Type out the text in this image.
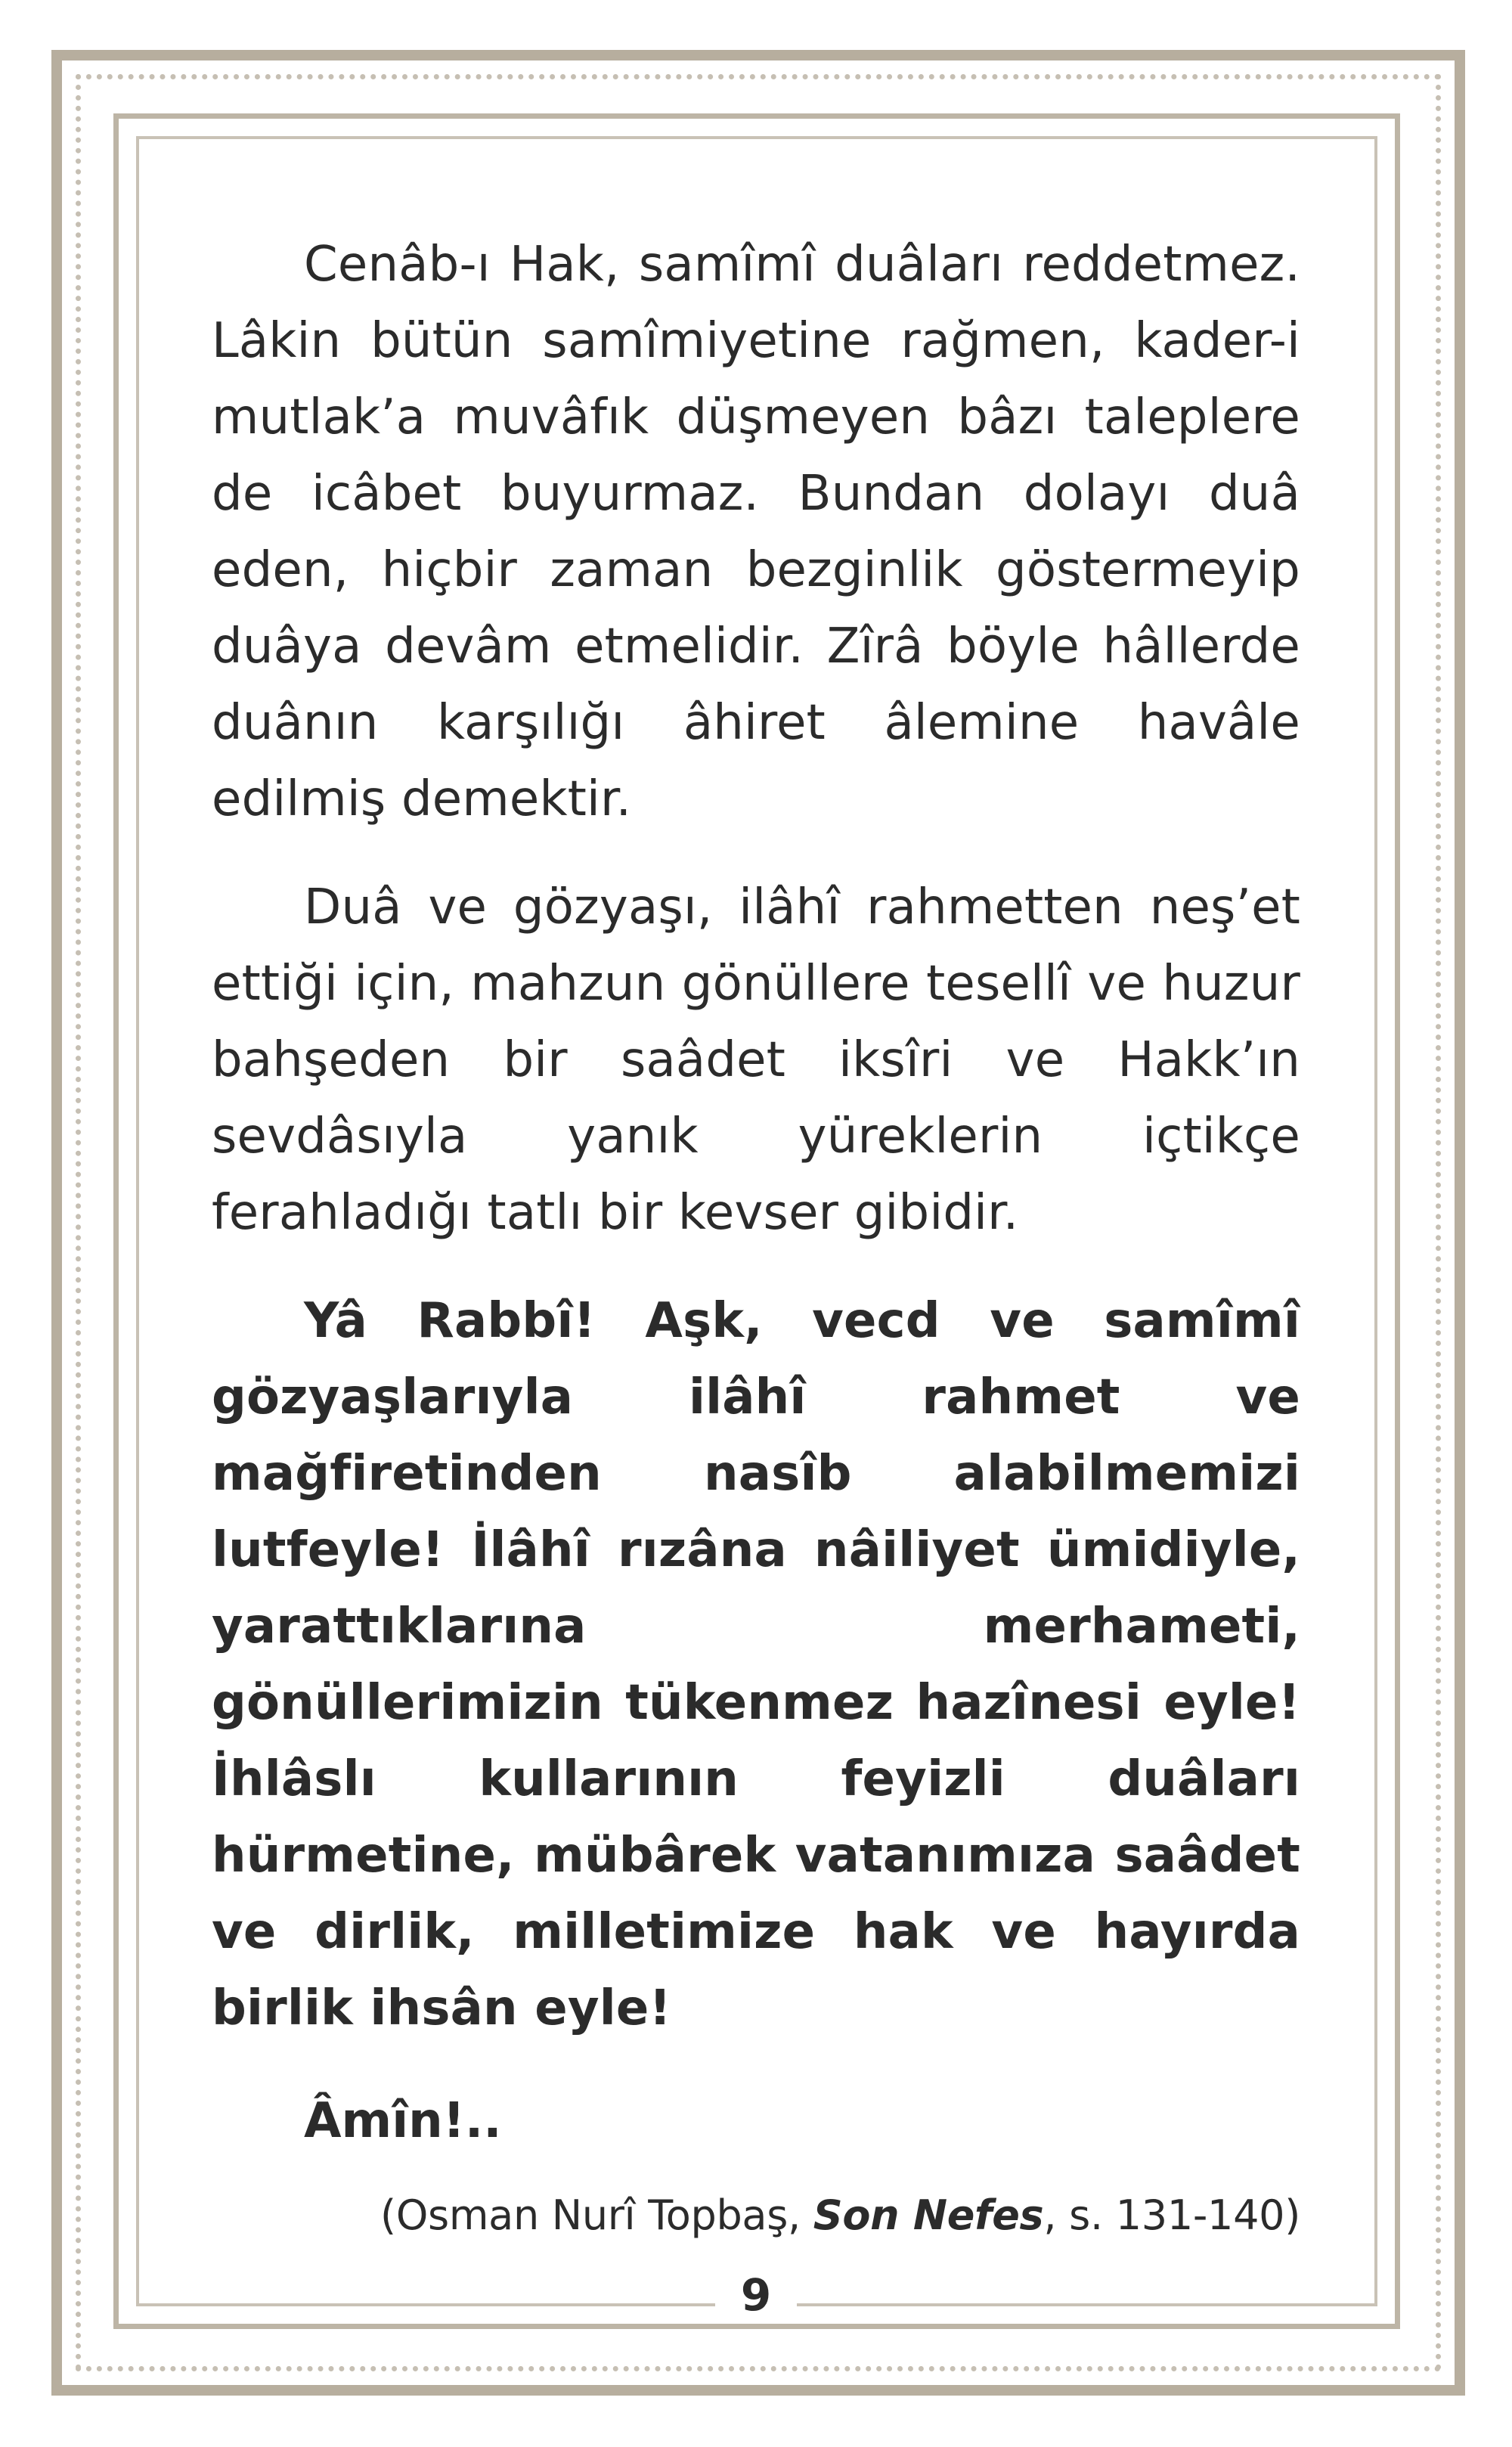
Cenâb-ı Hak, samîmî duâları reddetmez. Lâkin bütün samîmiyetine rağmen, kader-i mutlak’a muvâfık düşmeyen bâzı taleplere de icâbet buyurmaz. Bundan dolayı duâ eden, hiçbir zaman bezginlik göstermeyip duâya devâm etmelidir. Zîrâ böyle hâllerde duânın karşılığı âhiret âlemine havâle edilmiş demektir.

Duâ ve gözyaşı, ilâhî rahmetten neş’et ettiği için, mahzun gönüllere tesellî ve huzur bahşeden bir saâdet iksîri ve Hakk’ın sevdâsıyla yanık yüreklerin içtikçe ferahladığı tatlı bir kevser gibidir.

Yâ Rabbî! Aşk, vecd ve samîmî gözyaşlarıyla ilâhî rahmet ve mağfiretinden nasîb alabilmemizi lutfeyle! İlâhî rızâna nâiliyet ümidiyle, yarattıklarına merhameti, gönüllerimizin tükenmez hazînesi eyle! İhlâslı kullarının feyizli duâları hürmetine, mübârek vatanımıza saâdet ve dirlik, milletimize hak ve hayırda birlik ihsân eyle!

Âmîn!..

(Osman Nurî Topbaş, Son Nefes, s. 131-140)
9
